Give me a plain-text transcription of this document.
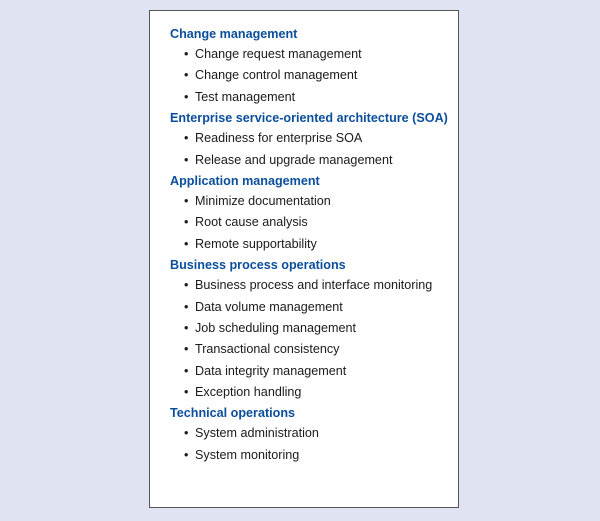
Change management
• Change request management
• Change control management
• Test management
Enterprise service-oriented architecture (SOA)
• Readiness for enterprise SOA
• Release and upgrade management
Application management
• Minimize documentation
• Root cause analysis
• Remote supportability
Business process operations
• Business process and interface monitoring
• Data volume management
• Job scheduling management
• Transactional consistency
• Data integrity management
• Exception handling
Technical operations
• System administration
• System monitoring
